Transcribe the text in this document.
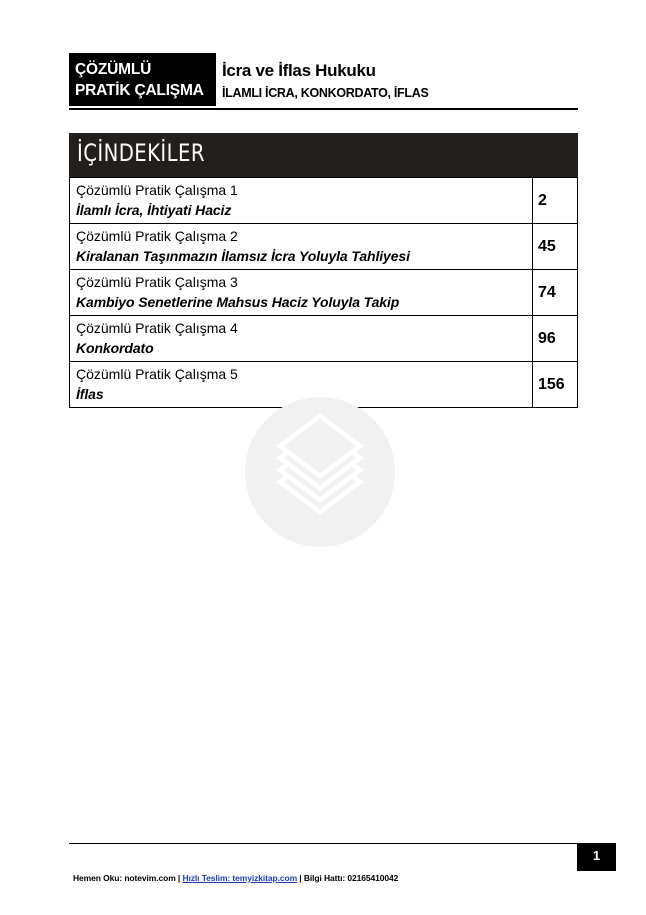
ÇÖZÜMLÜ
PRATİK ÇALIŞMA
İcra ve İflas Hukuku
İLAMLI İCRA, KONKORDATO, İFLAS
İÇİNDEKİLER
Çözümlü Pratik Çalışma 1
İlamlı İcra, İhtiyati Haciz	2

Çözümlü Pratik Çalışma 2
Kiralanan Taşınmazın İlamsız İcra Yoluyla Tahliyesi	45

Çözümlü Pratik Çalışma 3
Kambiyo Senetlerine Mahsus Haciz Yoluyla Takip	74

Çözümlü Pratik Çalışma 4
Konkordato	96

Çözümlü Pratik Çalışma 5
İflas	156
1
Hemen Oku: notevim.com | Hızlı Teslim: temyizkitap.com | Bilgi Hattı: 02165410042
